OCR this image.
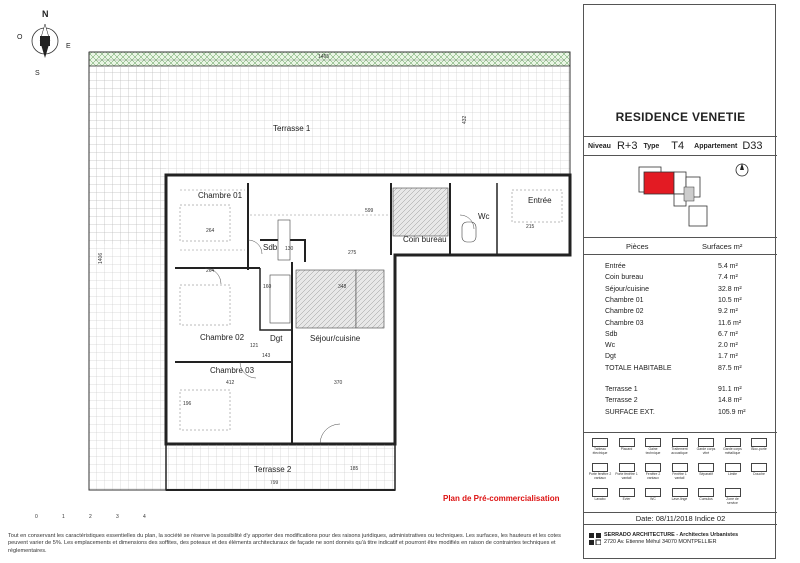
N
E
S
O
Terrasse 1
Chambre 01
Sdb
Chambre 02	Dgt	Séjour/cuisine
Chambre 03
Coin bureau
Wc
Entrée
1465
432
1406
599
264
275
264
130
160	348
121
143
412	370
215
196
Terrasse 2
0	1	2	3	4
Plan de Pré-commercialisation
Tout en conservant les caractéristiques essentielles du plan, la société se réserve la possibilité d'y apporter des modifications pour des raisons juridiques, administratives ou techniques. Les surfaces, les hauteurs et les cotes peuvent varier de 5%. Les emplacements et dimensions des soffites, des poteaux et des éléments architecturaux de façade ne sont donnés qu'à titre indicatif et pourront être modifiés en raison de contraintes techniques et réglementaires.
RESIDENCE VENETIE
Niveau R+3 Type T4 Appartement D33
Pièces	Surfaces m²
Entrée	5.4 m²
Coin bureau	7.4 m²
Séjour/cuisine	32.8 m²
Chambre 01	10.5 m²
Chambre 02	9.2 m²
Chambre 03	11.6 m²
Sdb	6.7 m²
Wc	2.0 m²
Dgt	1.7 m²
TOTALE HABITABLE	87.5 m²
Terrasse 1	91.1 m²
Terrasse 2	14.8 m²
SURFACE EXT.	105.9 m²
Tableau électrique
Placard	Gaine technique
Traitement acoustique
Garde corps vitré
Garde corps métallique
Bloc-porte
Porte fenêtre 2 vantaux
Porte fenêtre 1 vantail
Fenêtre 2 vantaux
Fenêtre 1 vantail
Séparatif	Limite	Douche
Lavabo	Evier	WC	Lave-linge	Cumulus	Zone de service
Date: 08/11/2018 Indice 02
SERRADO ARCHITECTURE - Architectes Urbanistes
2720 Av. Etienne Méhul 34070 MONTPELLIER
